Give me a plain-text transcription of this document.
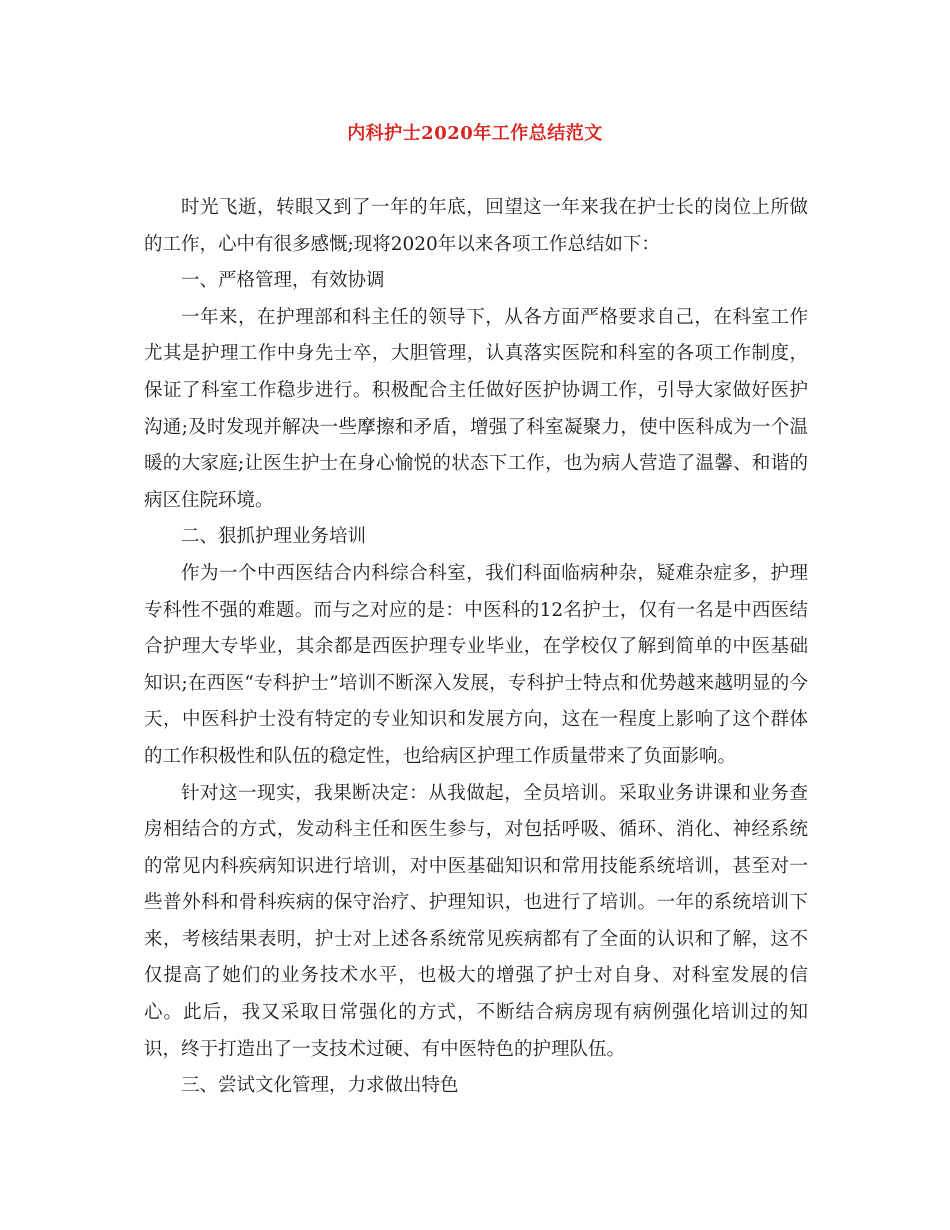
内科护士2020年工作总结范文

时光飞逝，转眼又到了一年的年底，回望这一年来我在护士长的岗位上所做的工作，心中有很多感慨;现将2020年以来各项工作总结如下：

一、严格管理，有效协调

一年来，在护理部和科主任的领导下，从各方面严格要求自己，在科室工作尤其是护理工作中身先士卒，大胆管理，认真落实医院和科室的各项工作制度，保证了科室工作稳步进行。积极配合主任做好医护协调工作，引导大家做好医护沟通;及时发现并解决一些摩擦和矛盾，增强了科室凝聚力，使中医科成为一个温暖的大家庭;让医生护士在身心愉悦的状态下工作，也为病人营造了温馨、和谐的病区住院环境。

二、狠抓护理业务培训

作为一个中西医结合内科综合科室，我们科面临病种杂，疑难杂症多，护理专科性不强的难题。而与之对应的是：中医科的12名护士，仅有一名是中西医结合护理大专毕业，其余都是西医护理专业毕业，在学校仅了解到简单的中医基础知识;在西医“专科护士”培训不断深入发展，专科护士特点和优势越来越明显的今天，中医科护士没有特定的专业知识和发展方向，这在一程度上影响了这个群体的工作积极性和队伍的稳定性，也给病区护理工作质量带来了负面影响。

针对这一现实，我果断决定：从我做起，全员培训。采取业务讲课和业务查房相结合的方式，发动科主任和医生参与，对包括呼吸、循环、消化、神经系统的常见内科疾病知识进行培训，对中医基础知识和常用技能系统培训，甚至对一些普外科和骨科疾病的保守治疗、护理知识，也进行了培训。一年的系统培训下来，考核结果表明，护士对上述各系统常见疾病都有了全面的认识和了解，这不仅提高了她们的业务技术水平，也极大的增强了护士对自身、对科室发展的信心。此后，我又采取日常强化的方式，不断结合病房现有病例强化培训过的知识，终于打造出了一支技术过硬、有中医特色的护理队伍。

三、尝试文化管理，力求做出特色
